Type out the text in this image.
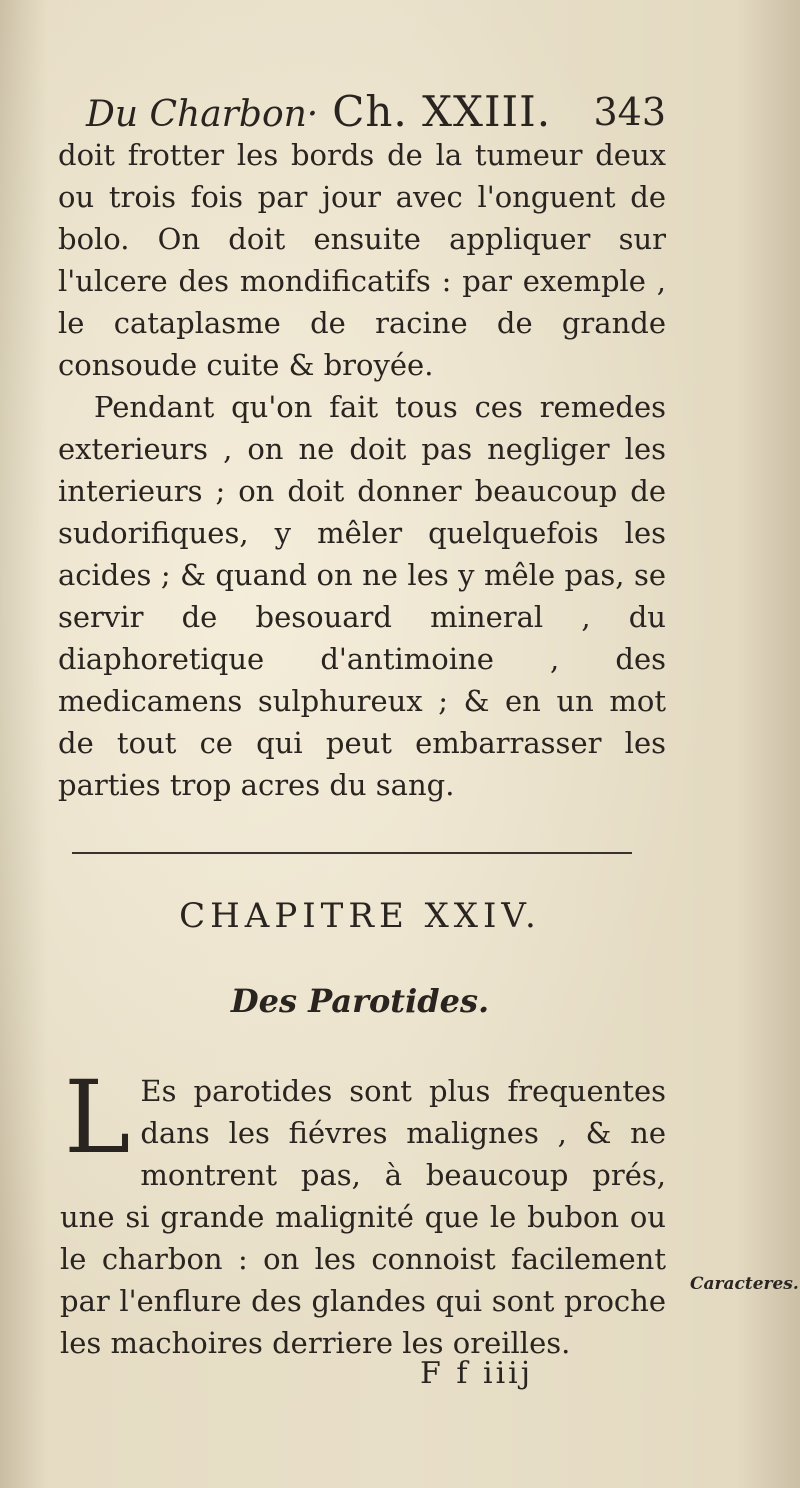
Du Charbon· Ch. XXIII. 343

doit frotter les bords de la tumeur deux ou trois fois par jour avec l'onguent de bolo. On doit ensuite appliquer sur l'ulcere des mondificatifs : par exemple , le cataplasme de racine de grande consoude cuite & broyée.

Pendant qu'on fait tous ces remedes exterieurs , on ne doit pas negliger les interieurs ; on doit donner beaucoup de sudorifiques, y mêler quelquefois les acides ; & quand on ne les y mêle pas, se servir de besouard mineral , du diaphoretique d'antimoine , des medicamens sulphureux ; & en un mot de tout ce qui peut embarrasser les parties trop acres du sang.

CHAPITRE XXIV.
Des Parotides.

L Es parotides sont plus frequentes dans les fiévres malignes , & ne montrent pas, à beaucoup prés, une si grande malignité que le bubon ou le charbon : on les connoist facilement par l'enflure des glandes qui sont proche les machoires derriere les oreilles.

Caracteres.
F f iiij
